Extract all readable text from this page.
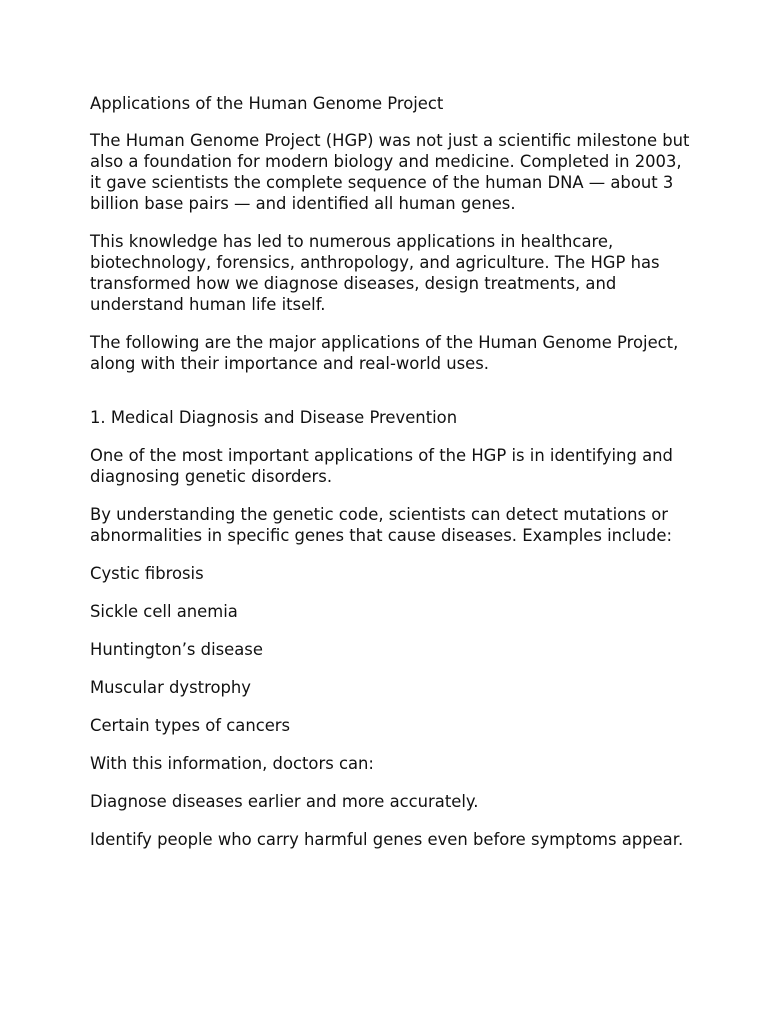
Applications of the Human Genome Project

The Human Genome Project (HGP) was not just a scientific milestone but also a foundation for modern biology and medicine. Completed in 2003, it gave scientists the complete sequence of the human DNA — about 3 billion base pairs — and identified all human genes.

This knowledge has led to numerous applications in healthcare, biotechnology, forensics, anthropology, and agriculture. The HGP has transformed how we diagnose diseases, design treatments, and understand human life itself.

The following are the major applications of the Human Genome Project, along with their importance and real-world uses.

1. Medical Diagnosis and Disease Prevention

One of the most important applications of the HGP is in identifying and diagnosing genetic disorders.

By understanding the genetic code, scientists can detect mutations or abnormalities in specific genes that cause diseases. Examples include:

Cystic fibrosis

Sickle cell anemia

Huntington’s disease

Muscular dystrophy

Certain types of cancers

With this information, doctors can:

Diagnose diseases earlier and more accurately.

Identify people who carry harmful genes even before symptoms appear.
